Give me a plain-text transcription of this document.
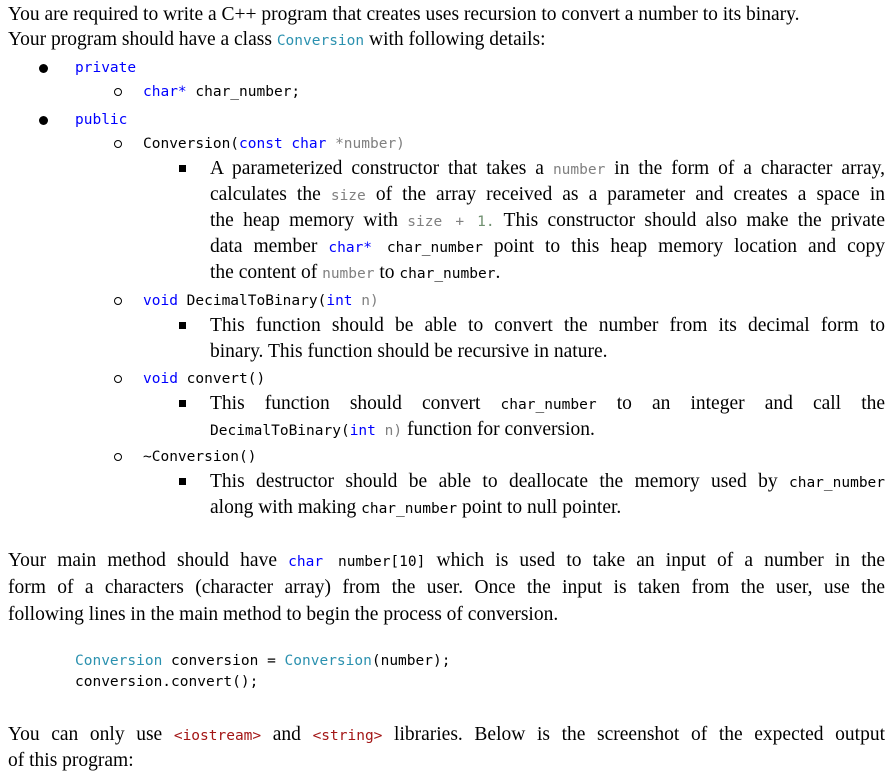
You are required to write a C++ program that creates uses recursion to convert a number to its binary.
Your program should have a class Conversion with following details:
private
char* char_number;
public
Conversion(const char *number)
A parameterized constructor that takes a number in the form of a character array,
calculates the size of the array received as a parameter and creates a space in
the heap memory with size + 1. This constructor should also make the private
data member char* char_number point to this heap memory location and copy
the content of number to char_number.
void DecimalToBinary(int n)
This function should be able to convert the number from its decimal form to
binary. This function should be recursive in nature.
void convert()
This function should convert char_number to an integer and call the
DecimalToBinary(int n) function for conversion.
~Conversion()
This destructor should be able to deallocate the memory used by char_number
along with making char_number point to null pointer.
Your main method should have char number[10] which is used to take an input of a number in the
form of a characters (character array) from the user. Once the input is taken from the user, use the
following lines in the main method to begin the process of conversion.
Conversion conversion = Conversion(number);
conversion.convert();
You can only use <iostream> and <string> libraries. Below is the screenshot of the expected output
of this program:
